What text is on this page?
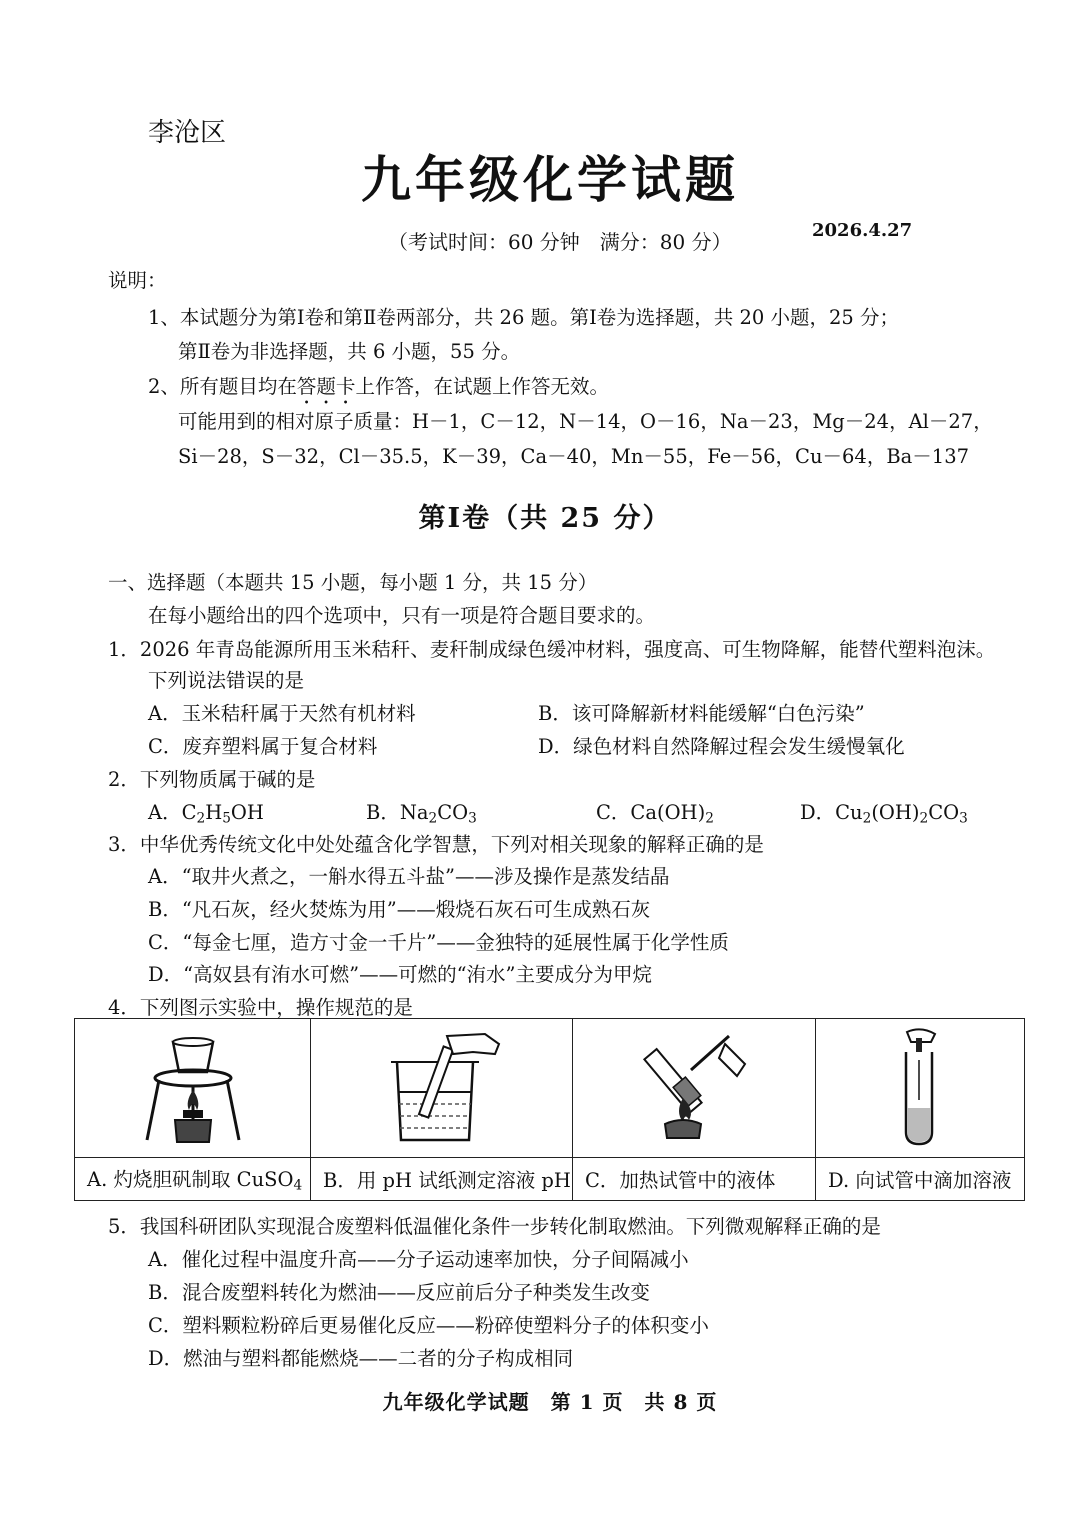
李沧区
九年级化学试题
（考试时间：60 分钟　满分：80 分）	2026.4.27
说明：
1、本试题分为第Ⅰ卷和第Ⅱ卷两部分，共 26 题。第Ⅰ卷为选择题，共 20 小题，25 分；
第Ⅱ卷为非选择题，共 6 小题，55 分。
2、所有题目均在答题卡上作答，在试题上作答无效。
可能用到的相对原子质量：H－1，C－12，N－14，O－16，Na－23，Mg－24，Al－27，
Si－28，S－32，Cl－35.5，K－39，Ca－40，Mn－55，Fe－56，Cu－64，Ba－137
第Ⅰ卷（共 25 分）
一、选择题（本题共 15 小题，每小题 1 分，共 15 分）
在每小题给出的四个选项中，只有一项是符合题目要求的。
1．2026 年青岛能源所用玉米秸秆、麦秆制成绿色缓冲材料，强度高、可生物降解，能替代塑料泡沫。
下列说法错误的是
A．玉米秸秆属于天然有机材料	B．该可降解新材料能缓解“白色污染”
C．废弃塑料属于复合材料	D．绿色材料自然降解过程会发生缓慢氧化
2．下列物质属于碱的是
A．$C_2H_5OH$	B．$Na_2CO_3$	C．$Ca(OH)_2$	D．$Cu_2(OH)_2CO_3$
3．中华优秀传统文化中处处蕴含化学智慧，下列对相关现象的解释正确的是
A．“取井火煮之，一斛水得五斗盐”——涉及操作是蒸发结晶
B．“凡石灰，经火焚炼为用”——煅烧石灰石可生成熟石灰
C．“每金七厘，造方寸金一千片”——金独特的延展性属于化学性质
D．“高奴县有洧水可燃”——可燃的“洧水”主要成分为甲烷
4．下列图示实验中，操作规范的是

A. 灼烧胆矾制取 CuSO$_4$	B．用 pH 试纸测定溶液 pH	C．加热试管中的液体	D. 向试管中滴加溶液
5．我国科研团队实现混合废塑料低温催化条件一步转化制取燃油。下列微观解释正确的是
A．催化过程中温度升高——分子运动速率加快，分子间隔减小
B．混合废塑料转化为燃油——反应前后分子种类发生改变
C．塑料颗粒粉碎后更易催化反应——粉碎使塑料分子的体积变小
D．燃油与塑料都能燃烧——二者的分子构成相同
九年级化学试题　第 1 页　共 8 页
